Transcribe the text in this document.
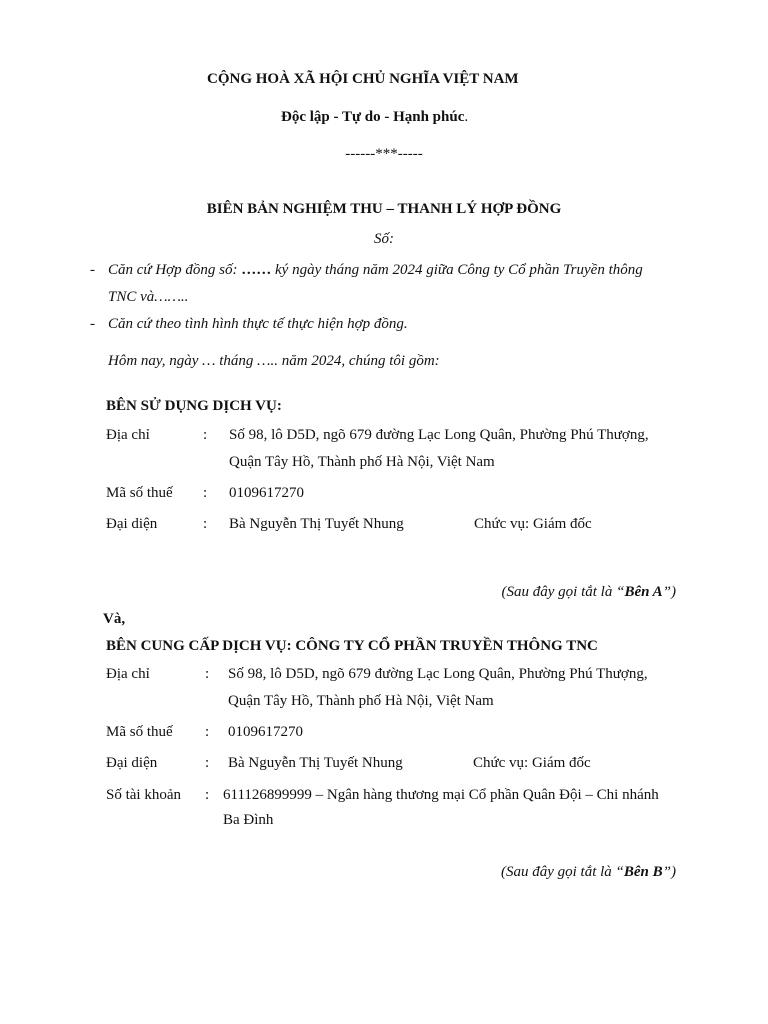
CỘNG HOÀ XÃ HỘI CHỦ NGHĨA VIỆT NAM
Độc lập - Tự do - Hạnh phúc.
------***-----
BIÊN BẢN NGHIỆM THU – THANH LÝ HỢP ĐỒNG
Số:
- Căn cứ Hợp đồng số: …… ký ngày tháng năm 2024 giữa Công ty Cổ phần Truyền thông
TNC và……..
- Căn cứ theo tình hình thực tế thực hiện hợp đồng.
Hôm nay, ngày … tháng ….. năm 2024, chúng tôi gồm:
BÊN SỬ DỤNG DỊCH VỤ:
Địa chỉ	: Số 98, lô D5D, ngõ 679 đường Lạc Long Quân, Phường Phú Thượng,
Quận Tây Hồ, Thành phố Hà Nội, Việt Nam
Mã số thuế : 0109617270
Đại diện	: Bà Nguyễn Thị Tuyết Nhung	Chức vụ: Giám đốc
(Sau đây gọi tắt là “Bên A”)
Và,
BÊN CUNG CẤP DỊCH VỤ: CÔNG TY CỔ PHẦN TRUYỀN THÔNG TNC
Địa chỉ	: Số 98, lô D5D, ngõ 679 đường Lạc Long Quân, Phường Phú Thượng,
Quận Tây Hồ, Thành phố Hà Nội, Việt Nam
Mã số thuế : 0109617270
Đại diện	: Bà Nguyễn Thị Tuyết Nhung	Chức vụ: Giám đốc
Số tài khoản : 611126899999 – Ngân hàng thương mại Cổ phần Quân Đội – Chi nhánh
Ba Đình
(Sau đây gọi tắt là “Bên B”)
